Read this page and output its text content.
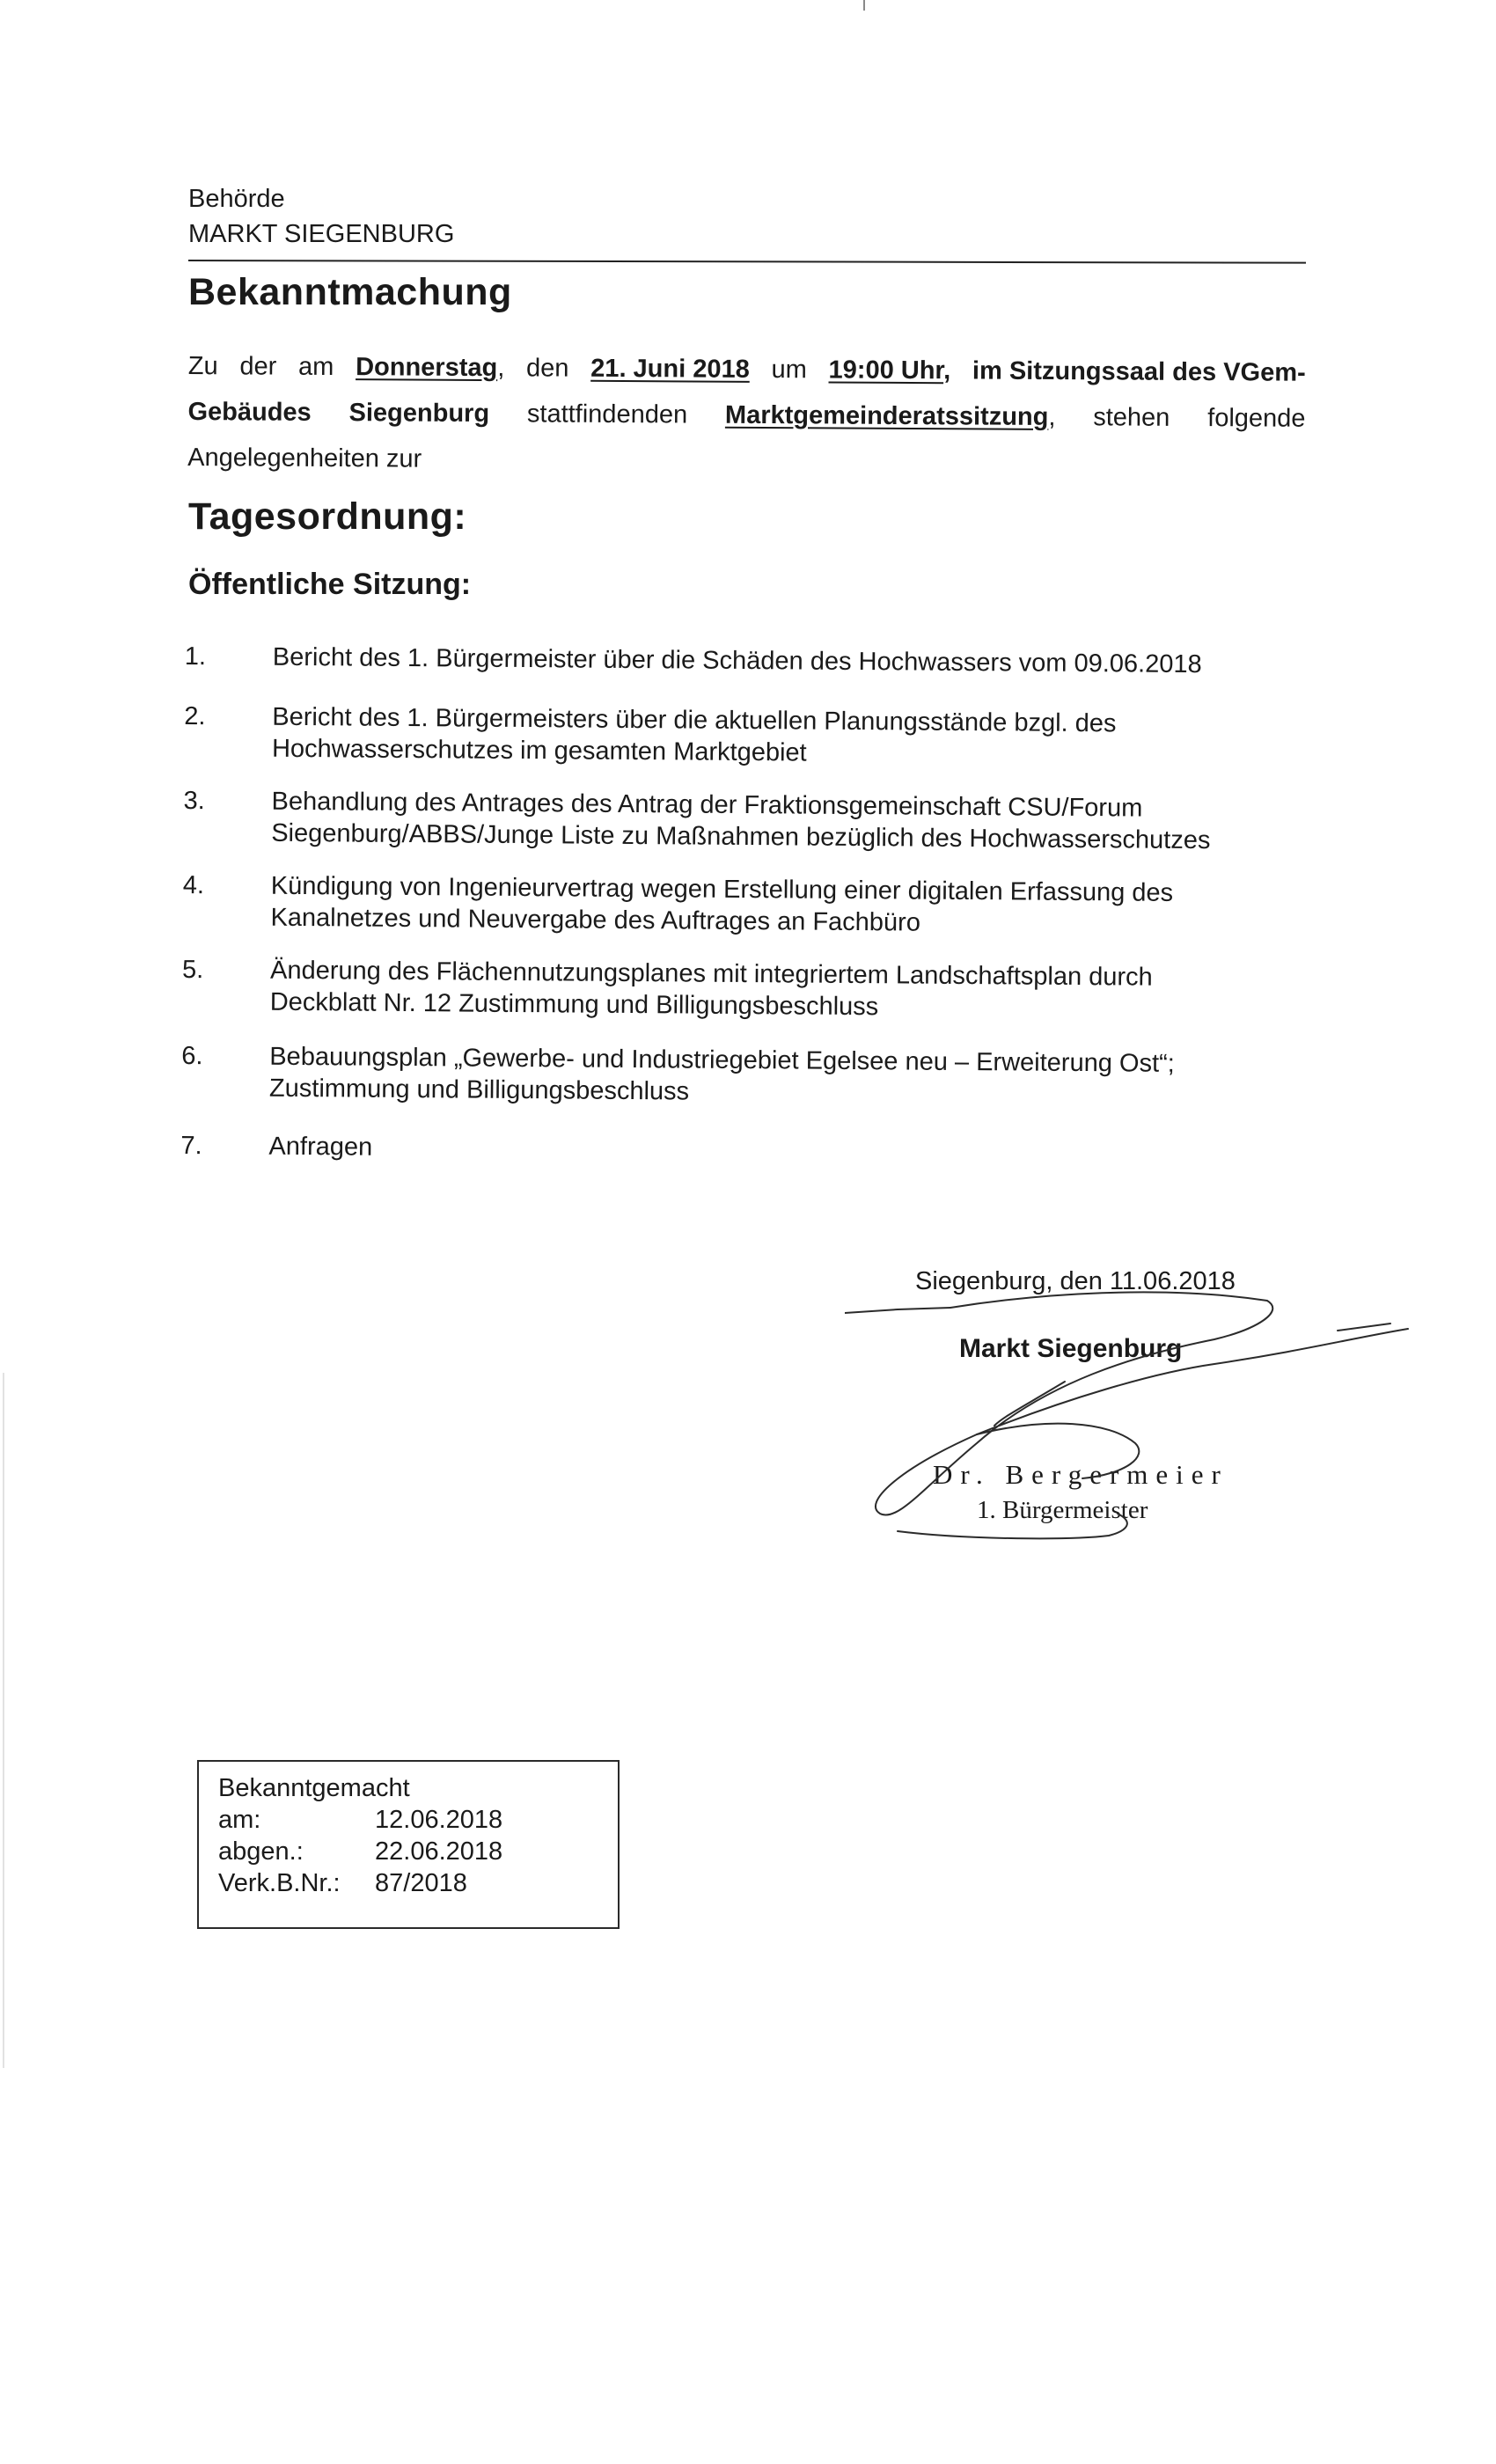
Behörde
MARKT SIEGENBURG
Bekanntmachung
Zu der am Donnerstag, den 21. Juni 2018 um 19:00 Uhr, im Sitzungssaal des VGem-
Gebäudes Siegenburg stattfindenden Marktgemeinderatssitzung, stehen folgende
Angelegenheiten zur
Tagesordnung:
Öffentliche Sitzung:
1.	Bericht des 1. Bürgermeister über die Schäden des Hochwassers vom 09.06.2018
2.	Bericht des 1. Bürgermeisters über die aktuellen Planungsstände bzgl. des
Hochwasserschutzes im gesamten Marktgebiet
3.	Behandlung des Antrages des Antrag der Fraktionsgemeinschaft CSU/Forum
Siegenburg/ABBS/Junge Liste zu Maßnahmen bezüglich des Hochwasserschutzes
4.	Kündigung von Ingenieurvertrag wegen Erstellung einer digitalen Erfassung des
Kanalnetzes und Neuvergabe des Auftrages an Fachbüro
5.	Änderung des Flächennutzungsplanes mit integriertem Landschaftsplan durch
Deckblatt Nr. 12 Zustimmung und Billigungsbeschluss
6.	Bebauungsplan „Gewerbe- und Industriegebiet Egelsee neu – Erweiterung Ost“;
Zustimmung und Billigungsbeschluss
7.	Anfragen
Siegenburg, den 11.06.2018
Markt Siegenburg
Dr. Bergermeier
1. Bürgermeister
Bekanntgemacht
am:	12.06.2018
abgen.:	22.06.2018
Verk.B.Nr.:	87/2018
